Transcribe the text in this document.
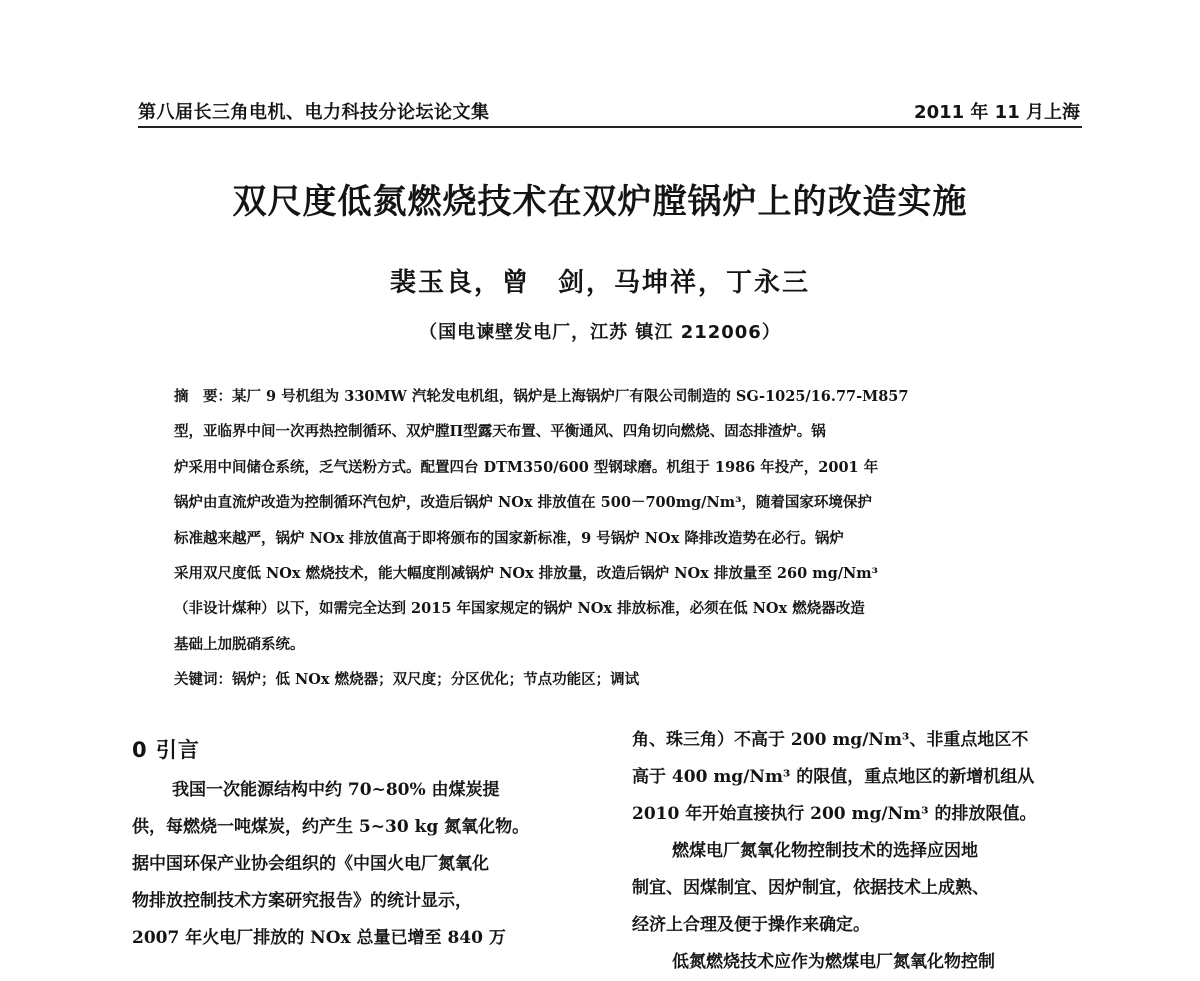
第八届长三角电机、电力科技分论坛论文集	2011 年 11 月上海
双尺度低氮燃烧技术在双炉膛锅炉上的改造实施
裴玉良，曾　剑，马坤祥，丁永三
（国电谏壁发电厂，江苏 镇江 212006）
摘　要：某厂 9 号机组为 330MW 汽轮发电机组，锅炉是上海锅炉厂有限公司制造的 SG-1025/16.77-M857
型，亚临界中间一次再热控制循环、双炉膛Π型露天布置、平衡通风、四角切向燃烧、固态排渣炉。锅
炉采用中间储仓系统，乏气送粉方式。配置四台 DTM350/600 型钢球磨。机组于 1986 年投产，2001 年
锅炉由直流炉改造为控制循环汽包炉，改造后锅炉 NOx 排放值在 500－700mg/Nm³，随着国家环境保护
标准越来越严，锅炉 NOx 排放值高于即将颁布的国家新标准，9 号锅炉 NOx 降排改造势在必行。锅炉
采用双尺度低 NOx 燃烧技术，能大幅度削减锅炉 NOx 排放量，改造后锅炉 NOx 排放量至 260 mg/Nm³
（非设计煤种）以下，如需完全达到 2015 年国家规定的锅炉 NOx 排放标准，必须在低 NOx 燃烧器改造
基础上加脱硝系统。
关键词：锅炉；低 NOx 燃烧器；双尺度；分区优化；节点功能区；调试
0 引言
我国一次能源结构中约 70~80% 由煤炭提
供，每燃烧一吨煤炭，约产生 5~30 kg 氮氧化物。
据中国环保产业协会组织的《中国火电厂氮氧化
物排放控制技术方案研究报告》的统计显示，
2007 年火电厂排放的 NOx 总量已增至 840 万
角、珠三角）不高于 200 mg/Nm³、非重点地区不
高于 400 mg/Nm³ 的限值，重点地区的新增机组从
2010 年开始直接执行 200 mg/Nm³ 的排放限值。
燃煤电厂氮氧化物控制技术的选择应因地
制宜、因煤制宜、因炉制宜，依据技术上成熟、
经济上合理及便于操作来确定。
低氮燃烧技术应作为燃煤电厂氮氧化物控制
